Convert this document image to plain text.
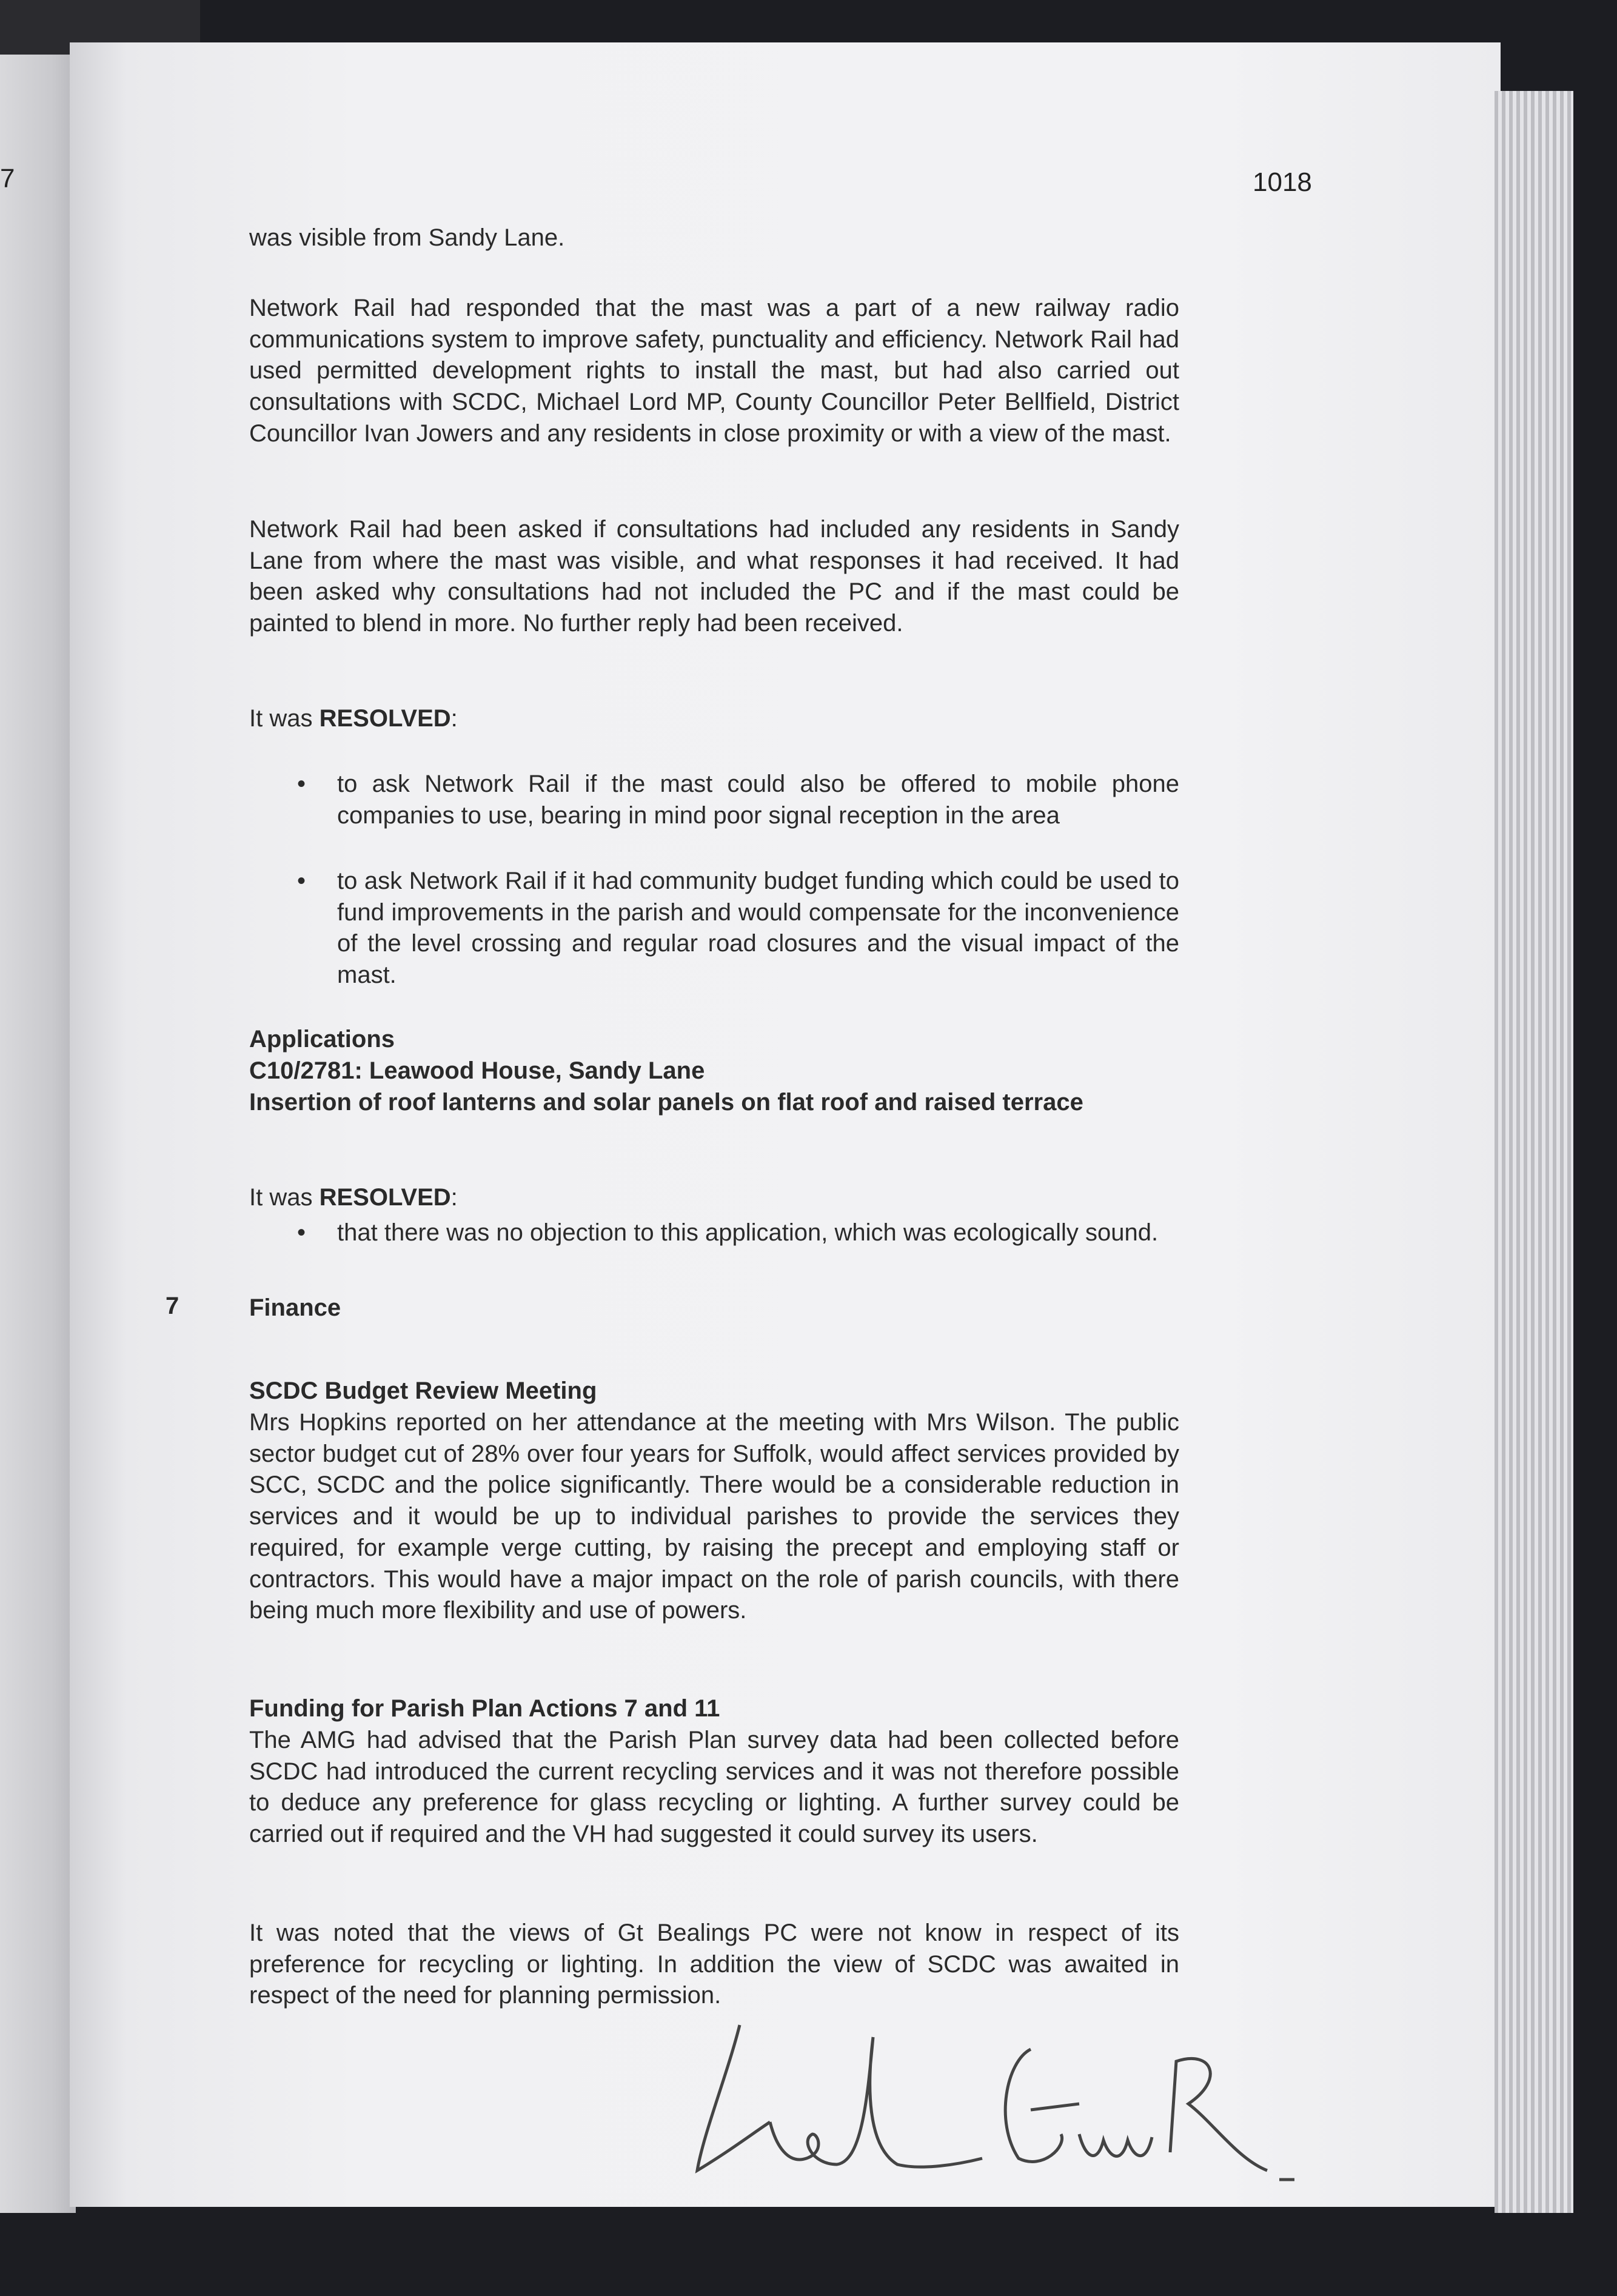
7	1018
was visible from Sandy Lane.
Network Rail had responded that the mast was a part of a new railway radio communications system to improve safety, punctuality and efficiency. Network Rail had used permitted development rights to install the mast, but had also carried out consultations with SCDC, Michael Lord MP, County Councillor Peter Bellfield, District Councillor Ivan Jowers and any residents in close proximity or with a view of the mast.
Network Rail had been asked if consultations had included any residents in Sandy Lane from where the mast was visible, and what responses it had received. It had been asked why consultations had not included the PC and if the mast could be painted to blend in more. No further reply had been received.
It was RESOLVED:
• to ask Network Rail if the mast could also be offered to mobile phone companies to use, bearing in mind poor signal reception in the area
• to ask Network Rail if it had community budget funding which could be used to fund improvements in the parish and would compensate for the inconvenience of the level crossing and regular road closures and the visual impact of the mast.
Applications
C10/2781: Leawood House, Sandy Lane
Insertion of roof lanterns and solar panels on flat roof and raised terrace
It was RESOLVED:
• that there was no objection to this application, which was ecologically sound.
7	Finance
SCDC Budget Review Meeting
Mrs Hopkins reported on her attendance at the meeting with Mrs Wilson. The public sector budget cut of 28% over four years for Suffolk, would affect services provided by SCC, SCDC and the police significantly. There would be a considerable reduction in services and it would be up to individual parishes to provide the services they required, for example verge cutting, by raising the precept and employing staff or contractors. This would have a major impact on the role of parish councils, with there being much more flexibility and use of powers.
Funding for Parish Plan Actions 7 and 11
The AMG had advised that the Parish Plan survey data had been collected before SCDC had introduced the current recycling services and it was not therefore possible to deduce any preference for glass recycling or lighting. A further survey could be carried out if required and the VH had suggested it could survey its users.
It was noted that the views of Gt Bealings PC were not know in respect of its preference for recycling or lighting. In addition the view of SCDC was awaited in respect of the need for planning permission.
